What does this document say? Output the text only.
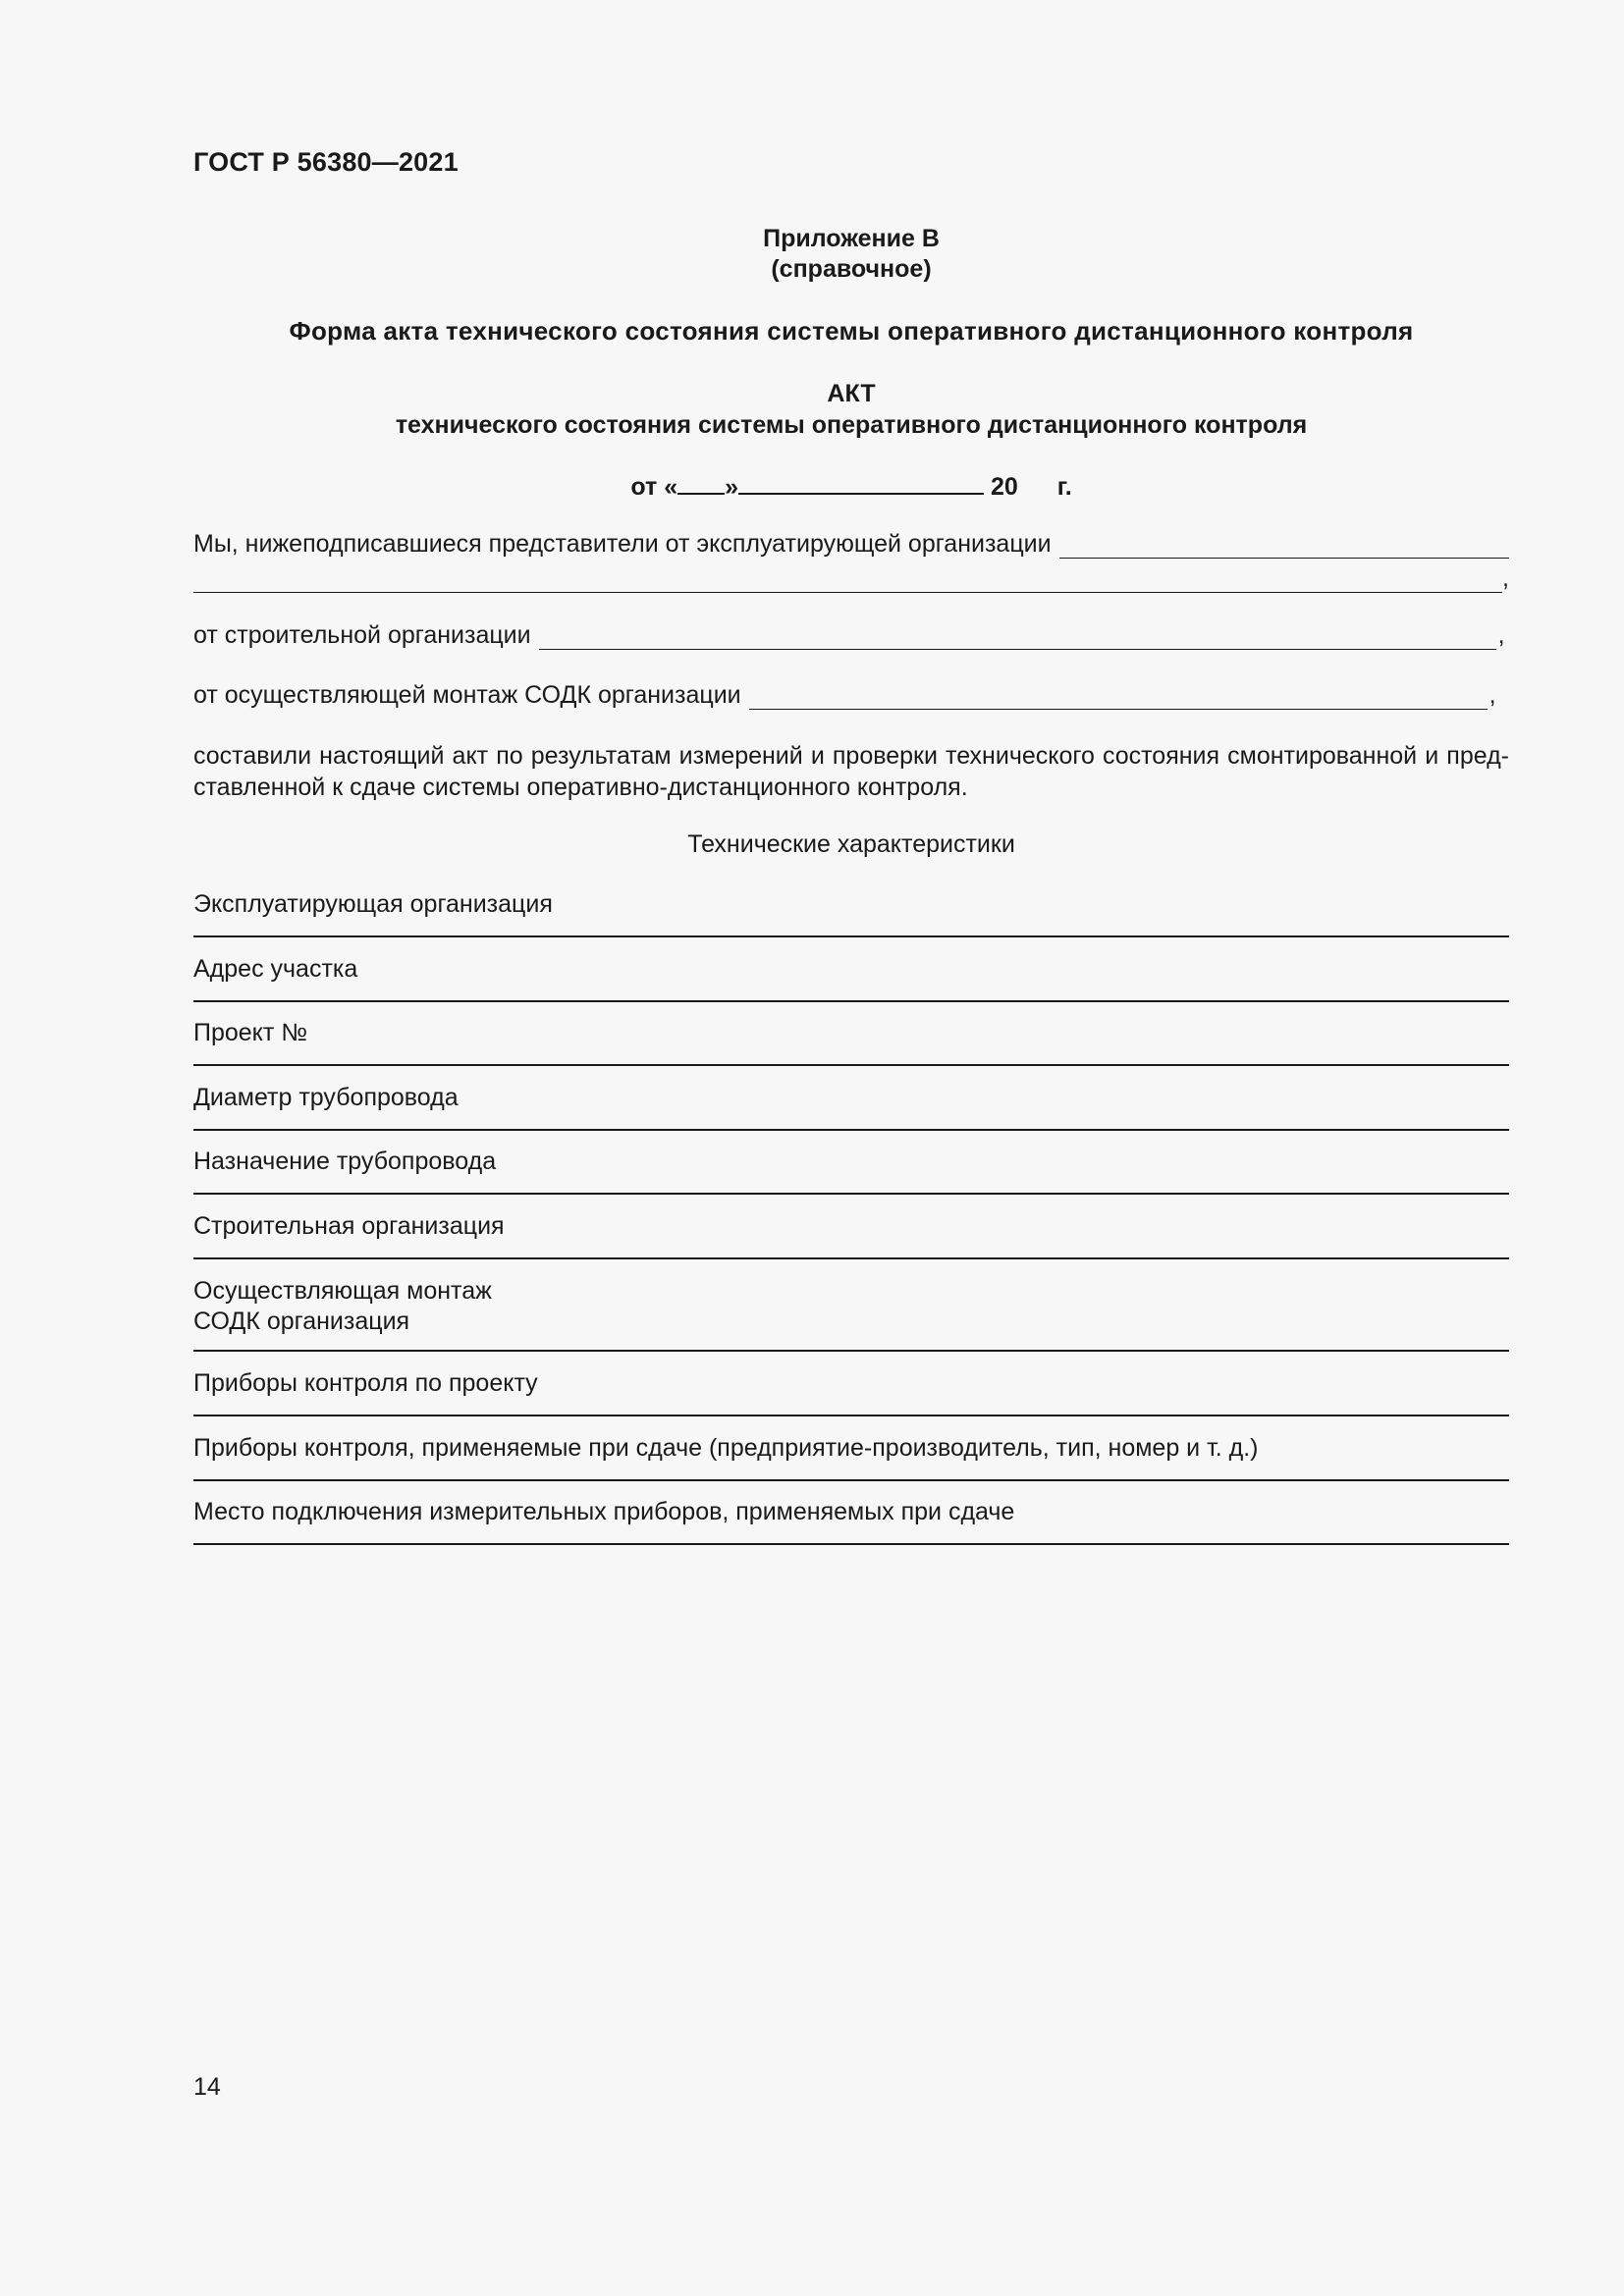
ГОСТ Р 56380—2021
Приложение В
(справочное)
Форма акта технического состояния системы оперативного дистанционного контроля
АКТ
технического состояния системы оперативного дистанционного контроля
от « »	20 г.
Мы, нижеподписавшиеся представители от эксплуатирующей организации
,
от строительной организации	,
от осуществляющей монтаж СОДК организации	,
составили настоящий акт по результатам измерений и проверки технического состояния смонтированной и пред-ставленной к сдаче системы оперативно-дистанционного контроля.
Технические характеристики
Эксплуатирующая организация
Адрес участка
Проект №
Диаметр трубопровода
Назначение трубопровода
Строительная организация
Осуществляющая монтаж
СОДК организация
Приборы контроля по проекту
Приборы контроля, применяемые при сдаче (предприятие-производитель, тип, номер и т. д.)
Место подключения измерительных приборов, применяемых при сдаче
14
